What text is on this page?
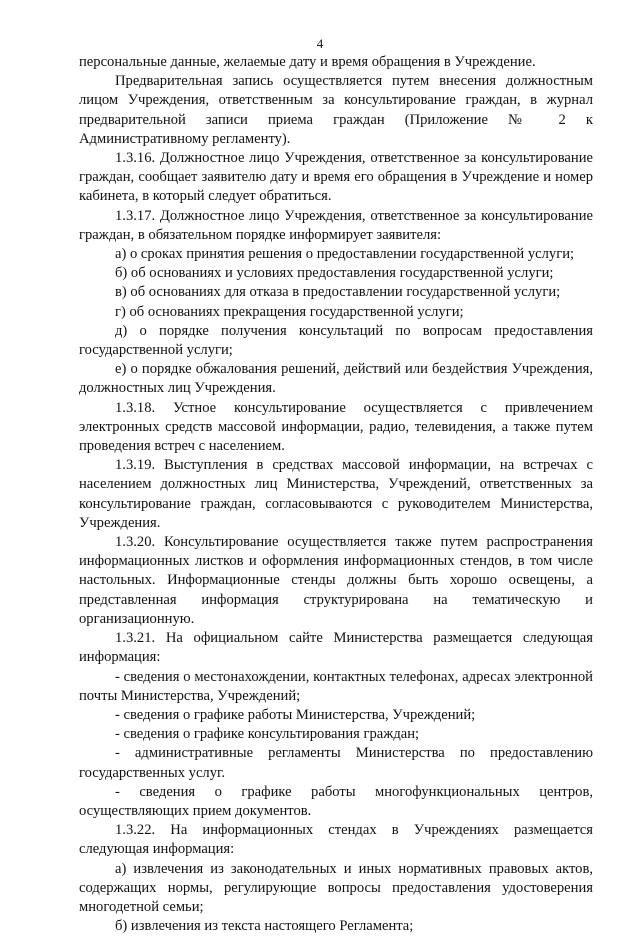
4

персональные данные, желаемые дату и время обращения в Учреждение.

Предварительная запись осуществляется путем внесения должностным лицом Учреждения, ответственным за консультирование граждан, в журнал предварительной записи приема граждан (Приложение № 2 к Административному регламенту).

1.3.16. Должностное лицо Учреждения, ответственное за консультирование граждан, сообщает заявителю дату и время его обращения в Учреждение и номер кабинета, в который следует обратиться.

1.3.17. Должностное лицо Учреждения, ответственное за консультирование граждан, в обязательном порядке информирует заявителя:

а) о сроках принятия решения о предоставлении государственной услуги;

б) об основаниях и условиях предоставления государственной услуги;

в) об основаниях для отказа в предоставлении государственной услуги;

г) об основаниях прекращения государственной услуги;

д) о порядке получения консультаций по вопросам предоставления государственной услуги;

е) о порядке обжалования решений, действий или бездействия Учреждения, должностных лиц Учреждения.

1.3.18. Устное консультирование осуществляется с привлечением электронных средств массовой информации, радио, телевидения, а также путем проведения встреч с населением.

1.3.19. Выступления в средствах массовой информации, на встречах с населением должностных лиц Министерства, Учреждений, ответственных за консультирование граждан, согласовываются с руководителем Министерства, Учреждения.

1.3.20. Консультирование осуществляется также путем распространения информационных листков и оформления информационных стендов, в том числе настольных. Информационные стенды должны быть хорошо освещены, а представленная информация структурирована на тематическую и организационную.

1.3.21. На официальном сайте Министерства размещается следующая информация:

- сведения о местонахождении, контактных телефонах, адресах электронной почты Министерства, Учреждений;

- сведения о графике работы Министерства, Учреждений;

- сведения о графике консультирования граждан;

- административные регламенты Министерства по предоставлению государственных услуг.

- сведения о графике работы многофункциональных центров, осуществляющих прием документов.

1.3.22. На информационных стендах в Учреждениях размещается следующая информация:

а) извлечения из законодательных и иных нормативных правовых актов, содержащих нормы, регулирующие вопросы предоставления удостоверения многодетной семьи;

б) извлечения из текста настоящего Регламента;
